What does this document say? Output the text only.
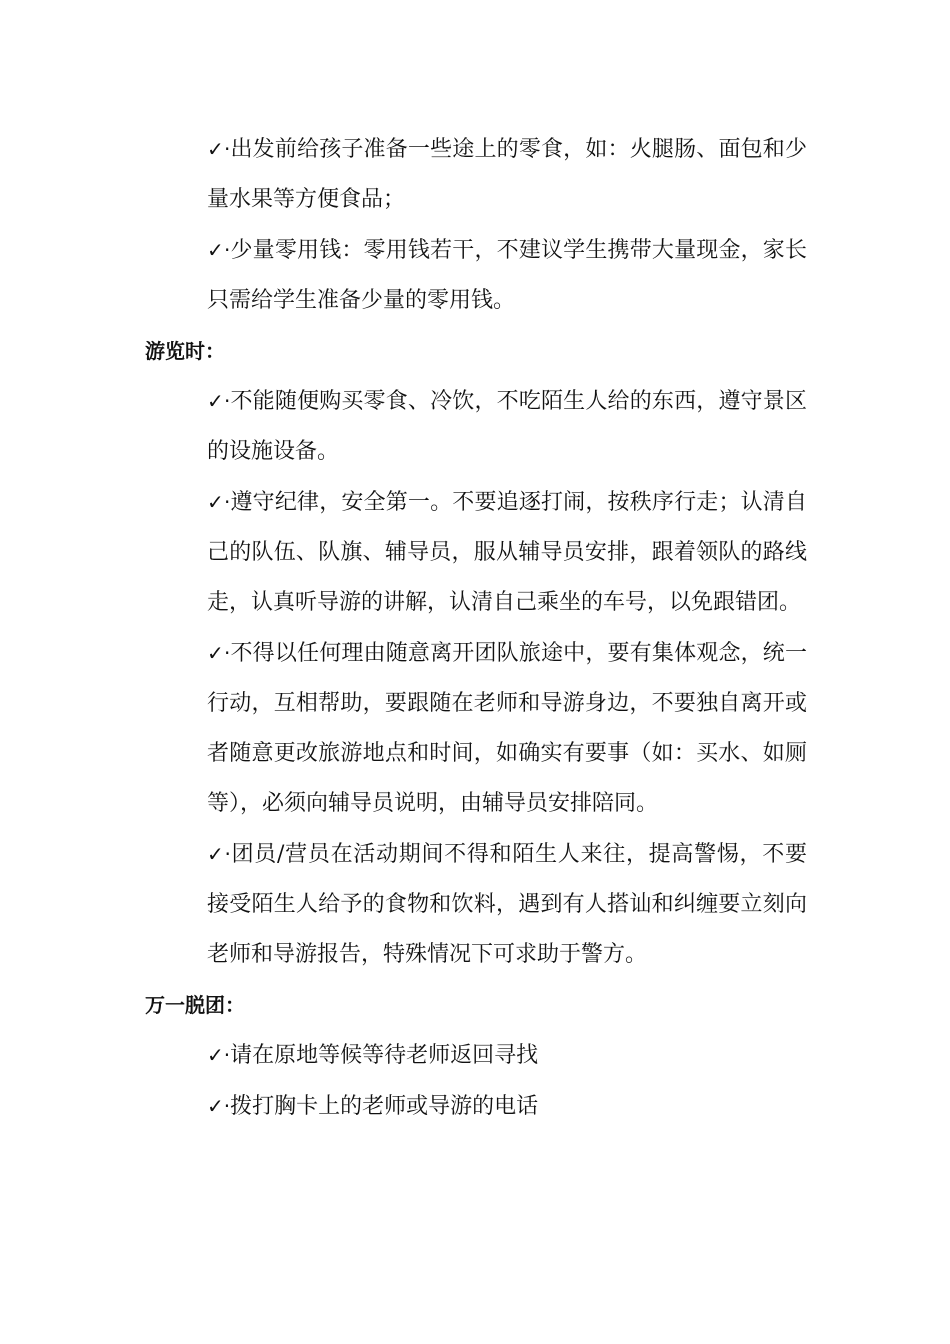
✓·出发前给孩子准备一些途上的零食，如：火腿肠、面包和少量水果等方便食品；
✓·少量零用钱：零用钱若干，不建议学生携带大量现金，家长只需给学生准备少量的零用钱。
游览时：
✓·不能随便购买零食、冷饮，不吃陌生人给的东西，遵守景区的设施设备。
✓·遵守纪律，安全第一。不要追逐打闹，按秩序行走；认清自己的队伍、队旗、辅导员，服从辅导员安排，跟着领队的路线走，认真听导游的讲解，认清自己乘坐的车号，以免跟错团。
✓·不得以任何理由随意离开团队旅途中，要有集体观念，统一行动，互相帮助，要跟随在老师和导游身边，不要独自离开或者随意更改旅游地点和时间，如确实有要事（如：买水、如厕等），必须向辅导员说明，由辅导员安排陪同。
✓·团员/营员在活动期间不得和陌生人来往，提高警惕，不要接受陌生人给予的食物和饮料，遇到有人搭讪和纠缠要立刻向老师和导游报告，特殊情况下可求助于警方。
万一脱团：
✓·请在原地等候等待老师返回寻找
✓·拨打胸卡上的老师或导游的电话
